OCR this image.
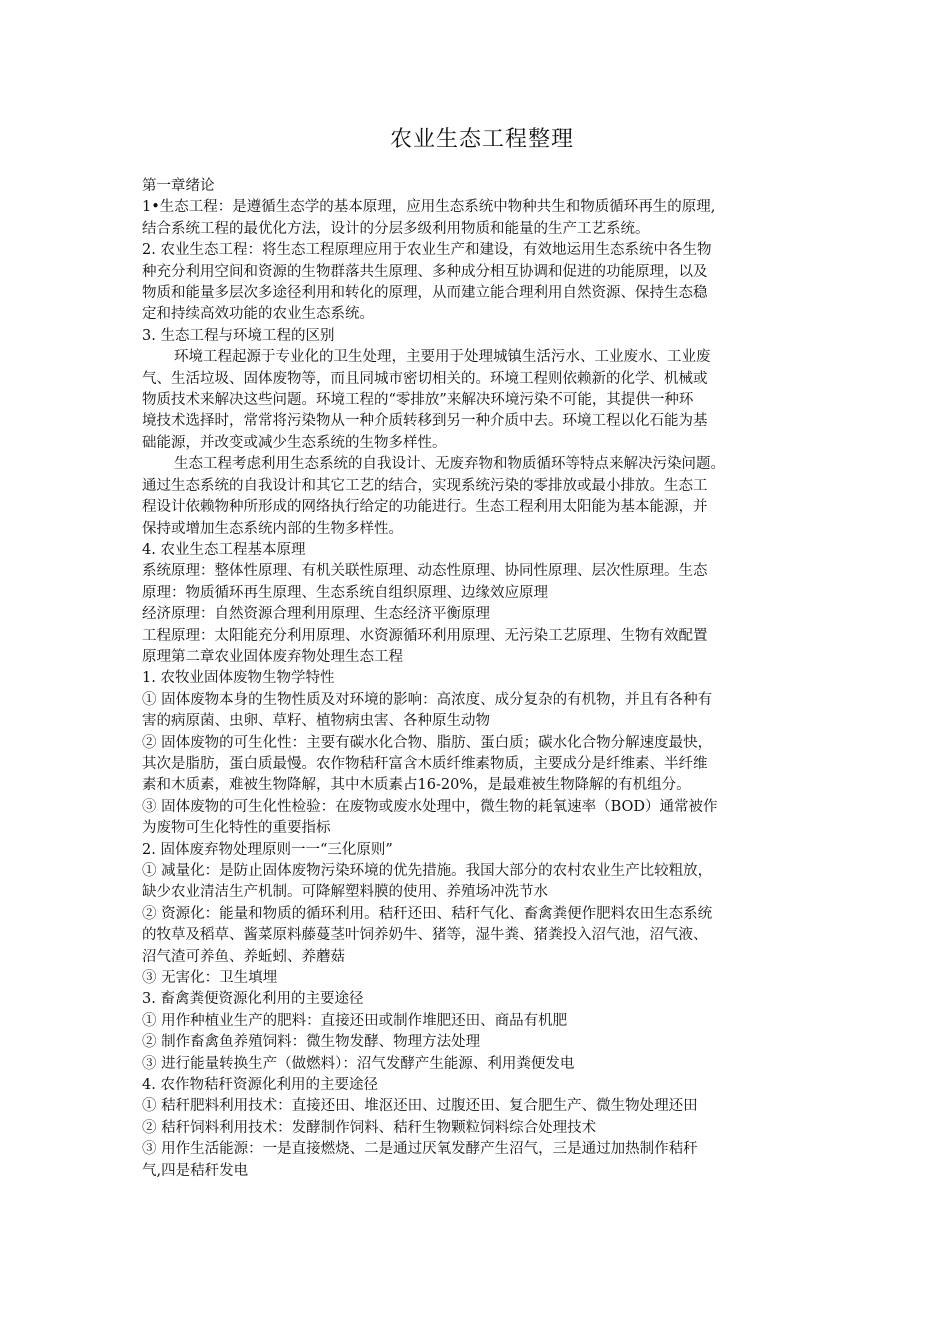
农业生态工程整理

第一章绪论

1•生态工程：是遵循生态学的基本原理，应用生态系统中物种共生和物质循环再生的原理,

结合系统工程的最优化方法，设计的分层多级利用物质和能量的生产工艺系统。

2. 农业生态工程：将生态工程原理应用于农业生产和建设，有效地运用生态系统中各生物

种充分利用空间和资源的生物群落共生原理、多种成分相互协调和促进的功能原理，以及

物质和能量多层次多途径利用和转化的原理，从而建立能合理利用自然资源、保持生态稳

定和持续高效功能的农业生态系统。

3. 生态工程与环境工程的区别

环境工程起源于专业化的卫生处理，主要用于处理城镇生活污水、工业废水、工业废

气、生活垃圾、固体废物等，而且同城市密切相关的。环境工程则依赖新的化学、机械或

物质技术来解决这些问题。环境工程的“零排放”来解决环境污染不可能，其提供一种环

境技术选择时，常常将污染物从一种介质转移到另一种介质中去。环境工程以化石能为基

础能源，并改变或减少生态系统的生物多样性。

生态工程考虑利用生态系统的自我设计、无废弃物和物质循环等特点来解决污染问题。

通过生态系统的自我设计和其它工艺的结合，实现系统污染的零排放或最小排放。生态工

程设计依赖物种所形成的网络执行给定的功能进行。生态工程利用太阳能为基本能源，并

保持或增加生态系统内部的生物多样性。

4. 农业生态工程基本原理

系统原理：整体性原理、有机关联性原理、动态性原理、协同性原理、层次性原理。生态

原理：物质循环再生原理、生态系统自组织原理、边缘效应原理

经济原理：自然资源合理利用原理、生态经济平衡原理

工程原理：太阳能充分利用原理、水资源循环利用原理、无污染工艺原理、生物有效配置

原理第二章农业固体废弃物处理生态工程

1. 农牧业固体废物生物学特性

① 固体废物本身的生物性质及对环境的影响：高浓度、成分复杂的有机物，并且有各种有

害的病原菌、虫卵、草籽、植物病虫害、各种原生动物

② 固体废物的可生化性：主要有碳水化合物、脂肪、蛋白质；碳水化合物分解速度最快，

其次是脂肪，蛋白质最慢。农作物秸秆富含木质纤维素物质，主要成分是纤维素、半纤维

素和木质素，难被生物降解，其中木质素占16-20%，是最难被生物降解的有机组分。

③ 固体废物的可生化性检验：在废物或废水处理中，微生物的耗氧速率（BOD）通常被作

为废物可生化特性的重要指标

2. 固体废弃物处理原则一一“三化原则”

① 减量化：是防止固体废物污染环境的优先措施。我国大部分的农村农业生产比较粗放，

缺少农业清洁生产机制。可降解塑料膜的使用、养殖场冲洗节水

② 资源化：能量和物质的循环利用。秸秆还田、秸秆气化、畜禽粪便作肥料农田生态系统

的牧草及稻草、酱菜原料藤蔓茎叶饲养奶牛、猪等，湿牛粪、猪粪投入沼气池，沼气液、

沼气渣可养鱼、养蚯蚓、养蘑菇

③ 无害化：卫生填埋

3. 畜禽粪便资源化利用的主要途径

① 用作种植业生产的肥料：直接还田或制作堆肥还田、商品有机肥

② 制作畜禽鱼养殖饲料：微生物发酵、物理方法处理

③ 进行能量转换生产（做燃料）：沼气发酵产生能源、利用粪便发电

4. 农作物秸秆资源化利用的主要途径

① 秸秆肥料利用技术：直接还田、堆沤还田、过腹还田、复合肥生产、微生物处理还田

② 秸秆饲料利用技术：发酵制作饲料、秸秆生物颗粒饲料综合处理技术

③ 用作生活能源：一是直接燃烧、二是通过厌氧发酵产生沼气，三是通过加热制作秸秆

气,四是秸秆发电
